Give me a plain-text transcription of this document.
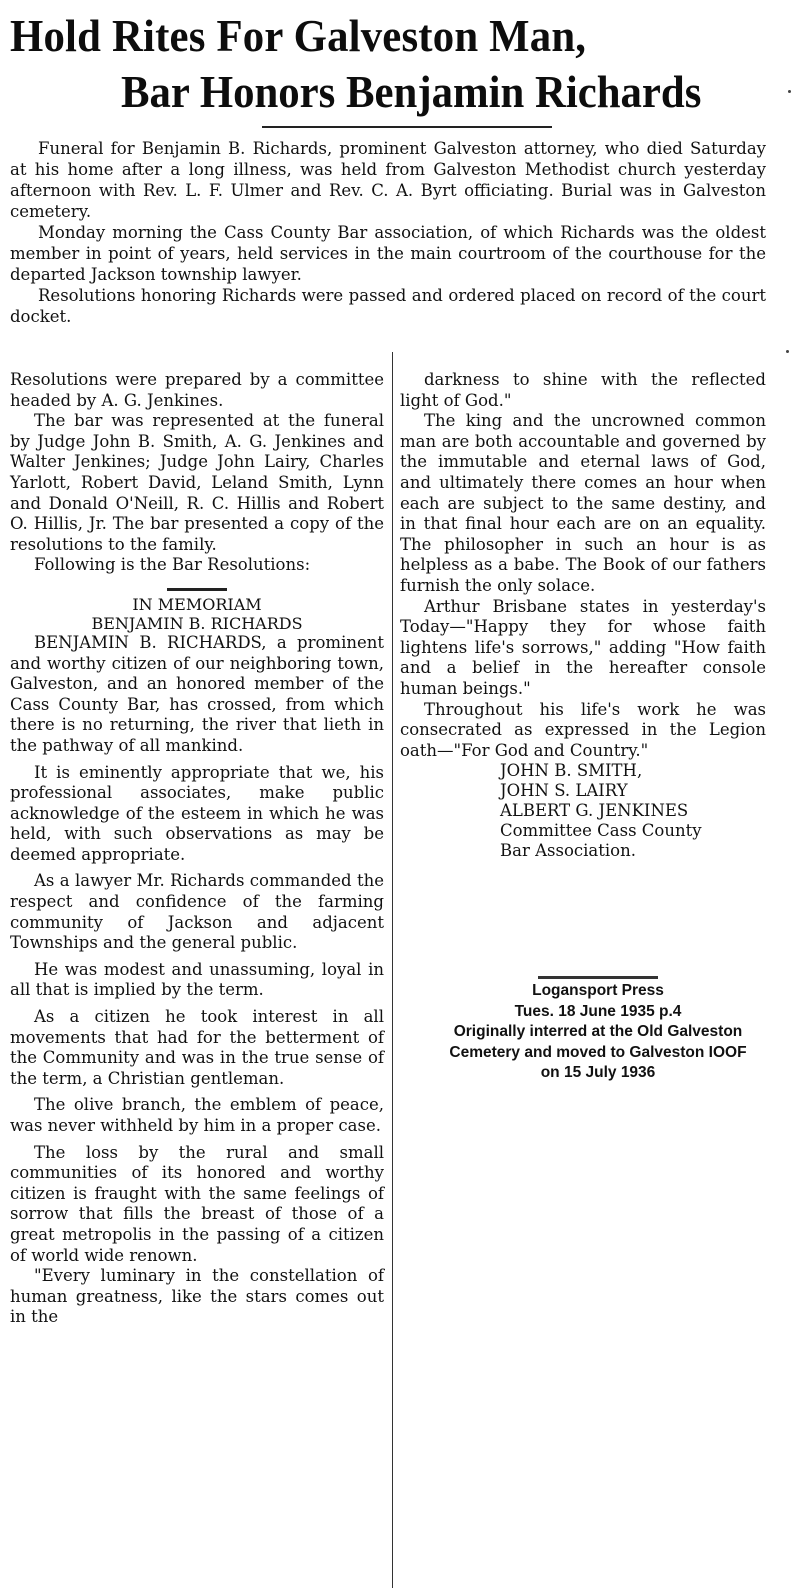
Hold Rites For Galveston Man,
Bar Honors Benjamin Richards

Funeral for Benjamin B. Richards, prominent Galveston attorney, who died Saturday at his home after a long illness, was held from Galveston Methodist church yesterday afternoon with Rev. L. F. Ulmer and Rev. C. A. Byrt officiating. Burial was in Galveston cemetery.

Monday morning the Cass County Bar association, of which Richards was the oldest member in point of years, held services in the main courtroom of the courthouse for the departed Jackson township lawyer.

Resolutions honoring Richards were passed and ordered placed on record of the court docket.

Resolutions were prepared by a committee headed by A. G. Jenkines.

The bar was represented at the funeral by Judge John B. Smith, A. G. Jenkines and Walter Jenkines; Judge John Lairy, Charles Yarlott, Robert David, Leland Smith, Lynn and Donald O'Neill, R. C. Hillis and Robert O. Hillis, Jr. The bar presented a copy of the resolutions to the family.

Following is the Bar Resolutions:

IN MEMORIAM
BENJAMIN B. RICHARDS

BENJAMIN B. RICHARDS, a prominent and worthy citizen of our neighboring town, Galveston, and an honored member of the Cass County Bar, has crossed, from which there is no returning, the river that lieth in the pathway of all mankind.

It is eminently appropriate that we, his professional associates, make public acknowledge of the esteem in which he was held, with such observations as may be deemed appropriate.

As a lawyer Mr. Richards commanded the respect and confidence of the farming community of Jackson and adjacent Townships and the general public.

He was modest and unassuming, loyal in all that is implied by the term.

As a citizen he took interest in all movements that had for the betterment of the Community and was in the true sense of the term, a Christian gentleman.

The olive branch, the emblem of peace, was never withheld by him in a proper case.

The loss by the rural and small communities of its honored and worthy citizen is fraught with the same feelings of sorrow that fills the breast of those of a great metropolis in the passing of a citizen of world wide renown.

"Every luminary in the constellation of human greatness, like the stars comes out in the

darkness to shine with the reflected light of God."

The king and the uncrowned common man are both accountable and governed by the immutable and eternal laws of God, and ultimately there comes an hour when each are subject to the same destiny, and in that final hour each are on an equality. The philosopher in such an hour is as helpless as a babe. The Book of our fathers furnish the only solace.

Arthur Brisbane states in yesterday's Today—"Happy they for whose faith lightens life's sorrows," adding "How faith and a belief in the hereafter console human beings."

Throughout his life's work he was consecrated as expressed in the Legion oath—"For God and Country."

JOHN B. SMITH,
JOHN S. LAIRY
ALBERT G. JENKINES
Committee Cass County
Bar Association.
Logansport Press
Tues. 18 June 1935 p.4
Originally interred at the Old Galveston
Cemetery and moved to Galveston IOOF
on 15 July 1936
